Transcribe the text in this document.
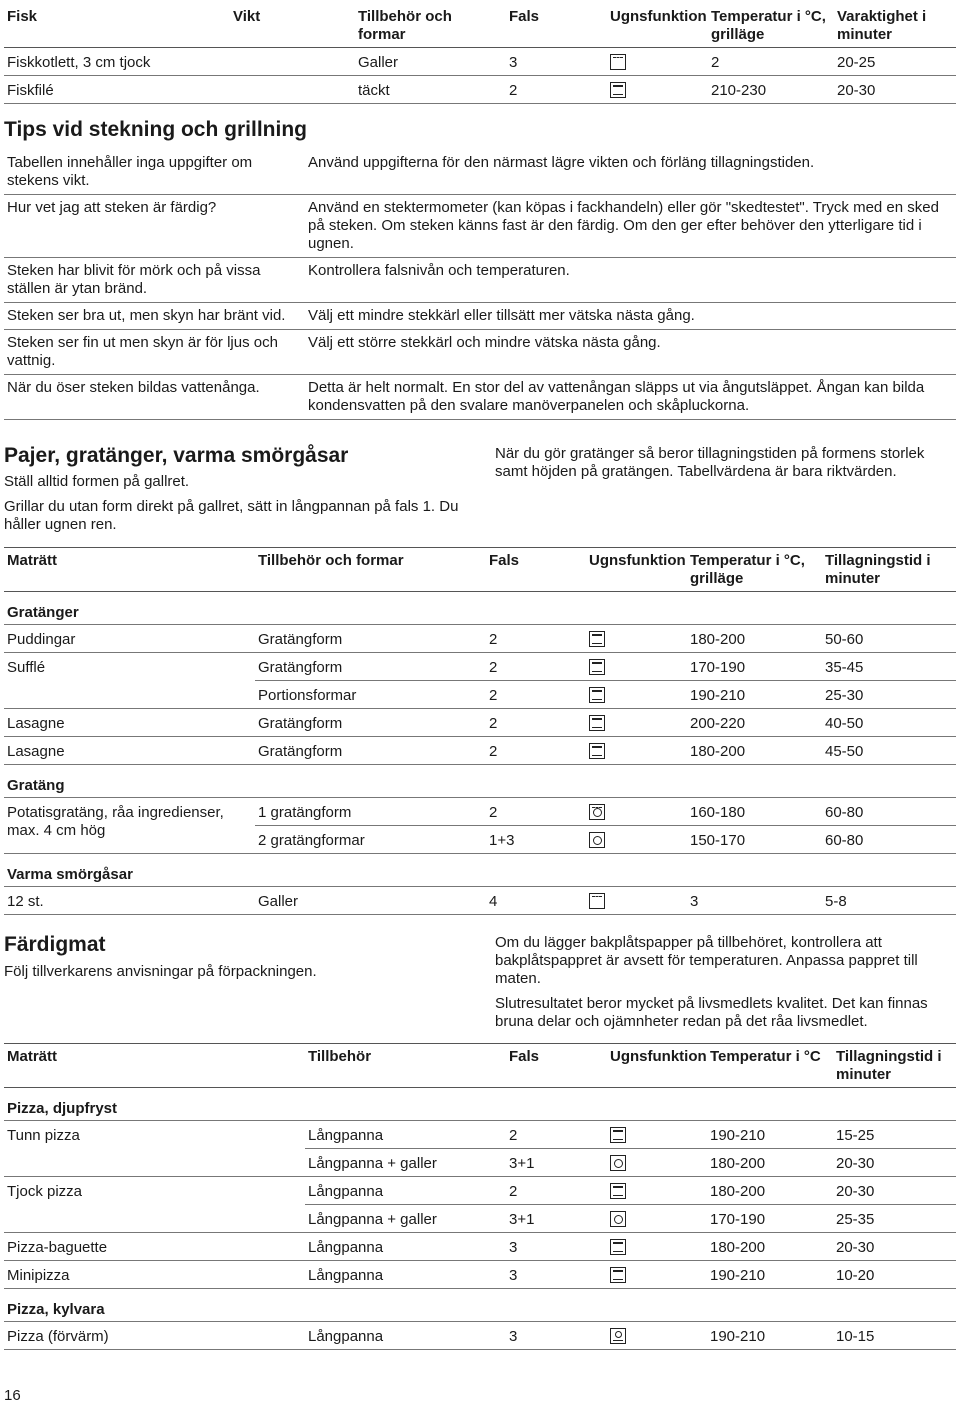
Fisk	Vikt	Tillbehör och formar	Fals	Ugnsfunktion	Temperatur i °C, grilläge	Varaktighet i minuter
Fiskkotlett, 3 cm tjock		Galler	3		2	20-25
Fiskfilé		täckt	2		210-230	20-30
Tips vid stekning och grillning
Tabellen innehåller inga uppgifter om stekens vikt.	Använd uppgifterna för den närmast lägre vikten och förläng tillagningstiden.
Hur vet jag att steken är färdig?	Använd en stektermometer (kan köpas i fackhandeln) eller gör "skedtestet". Tryck med en sked på steken. Om steken känns fast är den färdig. Om den ger efter behöver den ytterligare tid i ugnen.
Steken har blivit för mörk och på vissa ställen är ytan bränd.	Kontrollera falsnivån och temperaturen.
Steken ser bra ut, men skyn har bränt vid.	Välj ett mindre stekkärl eller tillsätt mer vätska nästa gång.
Steken ser fin ut men skyn är för ljus och vattnig.	Välj ett större stekkärl och mindre vätska nästa gång.
När du öser steken bildas vattenånga.	Detta är helt normalt. En stor del av vattenångan släpps ut via ångutsläppet. Ångan kan bilda kondensvatten på den svalare manöverpanelen och skåpluckorna.
Pajer, gratänger, varma smörgåsar

Ställ alltid formen på gallret.

Grillar du utan form direkt på gallret, sätt in långpannan på fals 1. Du håller ugnen ren.

När du gör gratänger så beror tillagningstiden på formens storlek samt höjden på gratängen. Tabellvärdena är bara riktvärden.

Maträtt	Tillbehör och formar	Fals	Ugnsfunktion	Temperatur i °C, grilläge	Tillagningstid i minuter
Gratänger					
Puddingar	Gratängform	2		180-200	50-60
Sufflé	Gratängform	2		170-190	35-45
	Portionsformar	2		190-210	25-30
Lasagne	Gratängform	2		200-220	40-50
Lasagne	Gratängform	2		180-200	45-50
Gratäng					
Potatisgratäng, råa ingredienser, max. 4 cm hög	1 gratängform	2		160-180	60-80
	2 gratängformar	1+3		150-170	60-80
Varma smörgåsar					
12 st.	Galler	4		3	5-8
Färdigmat

Följ tillverkarens anvisningar på förpackningen.

Om du lägger bakplåtspapper på tillbehöret, kontrollera att bakplåtspappret är avsett för temperaturen. Anpassa pappret till maten.

Slutresultatet beror mycket på livsmedlets kvalitet. Det kan finnas bruna delar och ojämnheter redan på det råa livsmedlet.

Maträtt	Tillbehör	Fals	Ugnsfunktion	Temperatur i °C	Tillagningstid i minuter
Pizza, djupfryst					
Tunn pizza	Långpanna	2		190-210	15-25
	Långpanna + galler	3+1		180-200	20-30
Tjock pizza	Långpanna	2		180-200	20-30
	Långpanna + galler	3+1		170-190	25-35
Pizza-baguette	Långpanna	3		180-200	20-30
Minipizza	Långpanna	3		190-210	10-20
Pizza, kylvara					
Pizza (förvärm)	Långpanna	3		190-210	10-15
16
